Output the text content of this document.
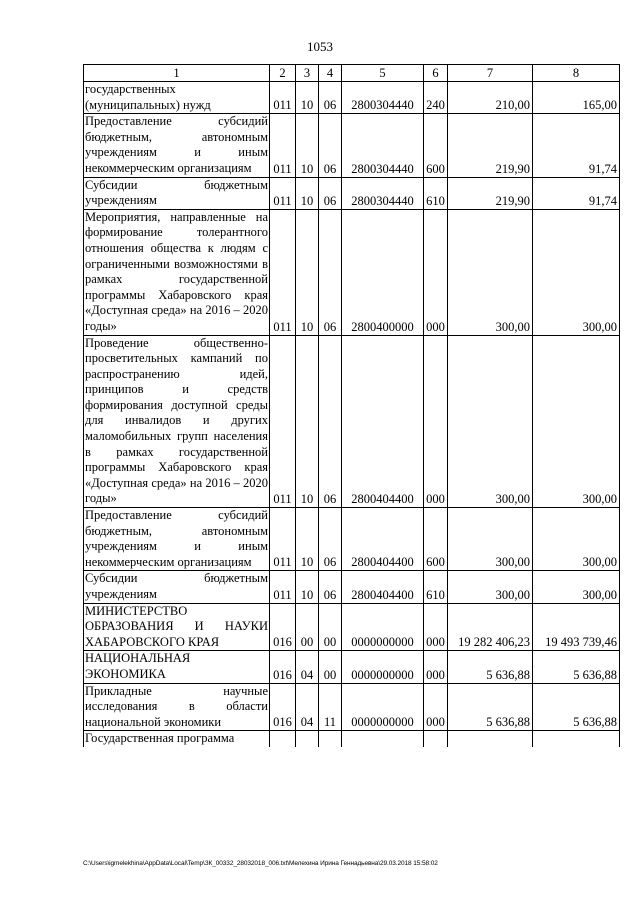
1053
1	2	3	4	5	6	7	8
государственных (муниципальных) нужд	011	10	06	2800304440	240	210,00	165,00
Предоставление субсидий бюджетным, автономным учреждениям и иным некоммерческим организациям	011	10	06	2800304440	600	219,90	91,74
Субсидии бюджетным учреждениям	011	10	06	2800304440	610	219,90	91,74
Мероприятия, направленные на формирование толерантного отношения общества к людям с ограниченными возможностями в рамках государственной программы Хабаровского края «Доступная среда» на 2016 – 2020 годы»	011	10	06	2800400000	000	300,00	300,00
Проведение общественно-просветительных кампаний по распространению идей, принципов и средств формирования доступной среды для инвалидов и других маломобильных групп населения в рамках государственной программы Хабаровского края «Доступная среда» на 2016 – 2020 годы»	011	10	06	2800404400	000	300,00	300,00
Предоставление субсидий бюджетным, автономным учреждениям и иным некоммерческим организациям	011	10	06	2800404400	600	300,00	300,00
Субсидии бюджетным учреждениям	011	10	06	2800404400	610	300,00	300,00
МИНИСТЕРСТВО ОБРАЗОВАНИЯ И НАУКИ ХАБАРОВСКОГО КРАЯ	016	00	00	0000000000	000	19 282 406,23	19 493 739,46
НАЦИОНАЛЬНАЯ ЭКОНОМИКА	016	04	00	0000000000	000	5 636,88	5 636,88
Прикладные научные исследования в области национальной экономики	016	04	11	0000000000	000	5 636,88	5 636,88
Государственная программа							
C:\Users\igmelekhina\AppData\Local\Temp\ЗК_00332_28032018_006.txt\Мелехина Ирина Геннадьевна\29.03.2018 15:58:02
